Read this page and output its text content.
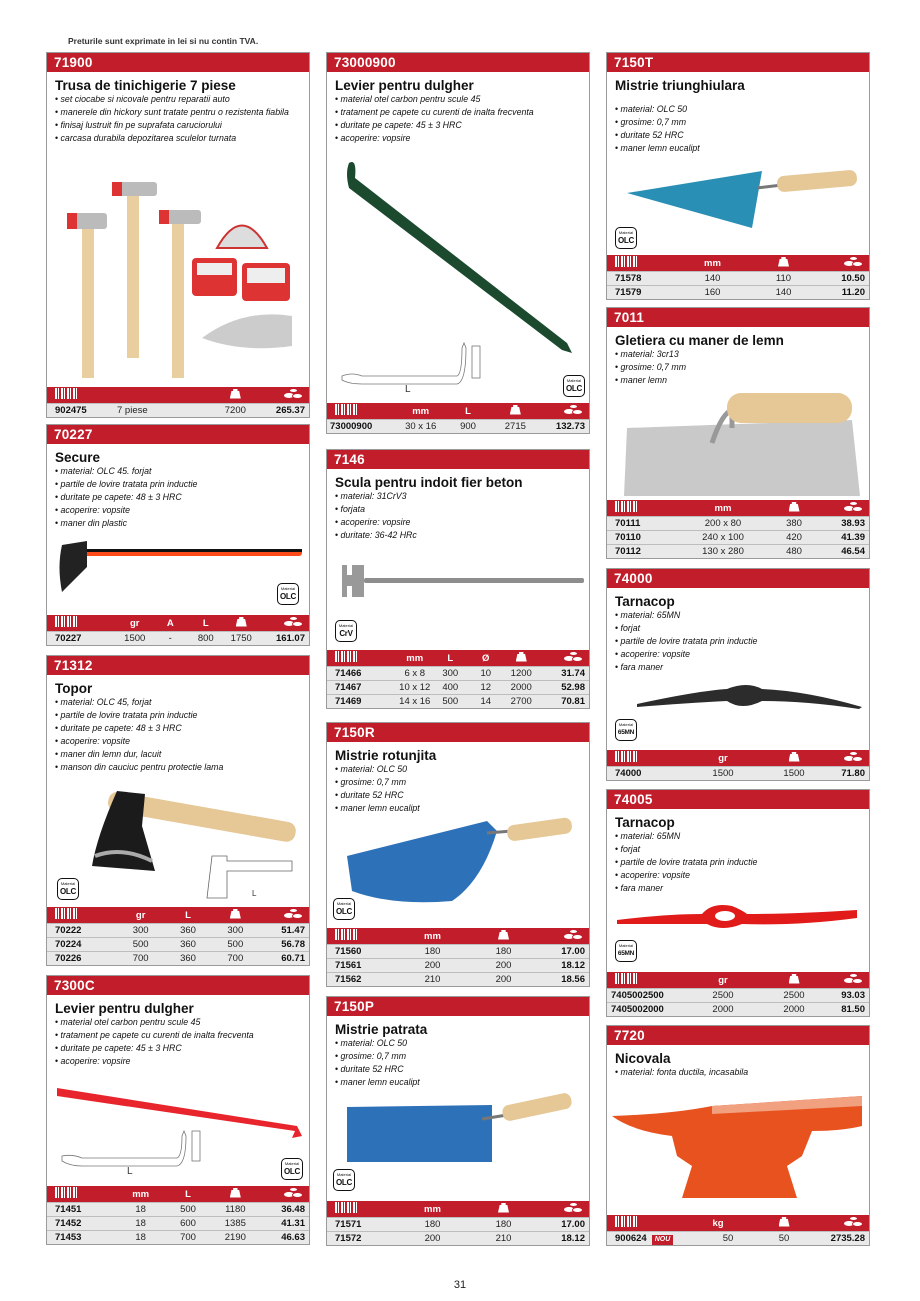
Preturile sunt exprimate in lei si nu contin TVA.
71900
Trusa de tinichigerie 7 piese
• set ciocabe si nicovale pentru reparatii auto
• manerele din hickory sunt tratate pentru o rezistenta fiabila
• finisaj lustruit fin pe suprafata caruciorului
• carcasa durabila depozitarea sculelor turnata
902475	7 piese	7200	265.37
70227
Secure
• material: OLC 45. forjat
• partile de lovire tratata prin inductie
• duritate pe capete: 48 ± 3 HRC
• acoperire: vopsite
• maner din plastic
Material
OLC
gr	A	L
70227	1500	-	800	1750	161.07
71312
Topor
• material: OLC 45, forjat
• partile de lovire tratata prin inductie
• duritate pe capete: 48 ± 3 HRC
• acoperire: vopsite
• maner din lemn dur, lacuit
• manson din cauciuc pentru protectie lama
L
Material
OLC
gr	L
70222	300	360	300	51.47
70224	500	360	500	56.78
70226	700	360	700	60.71
7300C
Levier pentru dulgher
• material otel carbon pentru scule 45
• tratament pe capete cu curenti de inalta frecventa
• duritate pe capete: 45 ± 3 HRC
• acoperire: vopsire
L
Material
OLC
mm	L
71451	18	500	1180	36.48
71452	18	600	1385	41.31
71453	18	700	2190	46.63
73000900
Levier pentru dulgher
• material otel carbon pentru scule 45
• tratament pe capete cu curenti de inalta frecventa
• duritate pe capete: 45 ± 3 HRC
• acoperire: vopsire
L
Material
OLC
mm	L
73000900	30 x 16	900	2715	132.73
7146
Scula pentru indoit fier beton
• material: 31CrV3
• forjata
• acoperire: vopsire
• duritate: 36-42 HRc
Material
CrV
mm	L	Ø
71466	6 x 8	300	10	1200	31.74
71467	10 x 12	400	12	2000	52.98
71469	14 x 16	500	14	2700	70.81
7150R
Mistrie rotunjita
• material: OLC 50
• grosime: 0,7 mm
• duritate 52 HRC
• maner lemn eucalipt
Material
OLC
mm
71560	180	180	17.00
71561	200	200	18.12
71562	210	200	18.56
7150P
Mistrie patrata
• material: OLC 50
• grosime: 0,7 mm
• duritate 52 HRC
• maner lemn eucalipt
Material
OLC
mm
71571	180	180	17.00
71572	200	210	18.12
7150T
Mistrie triunghiulara
• material: OLC 50
• grosime: 0,7 mm
• duritate 52 HRC
• maner lemn eucalipt
Material
OLC
mm
71578	140	110	10.50
71579	160	140	11.20
7011
Gletiera cu maner de lemn
• material: 3cr13
• grosime: 0,7 mm
• maner lemn
mm
70111	200 x 80	380	38.93
70110	240 x 100	420	41.39
70112	130 x 280	480	46.54
74000
Tarnacop
• material: 65MN
• forjat
• partile de lovire tratata prin inductie
• acoperire: vopsite
• fara maner
Material
65MN
gr
74000	1500	1500	71.80
74005
Tarnacop
• material: 65MN
• forjat
• partile de lovire tratata prin inductie
• acoperire: vopsite
• fara maner
Material
65MN
gr
7405002500	2500	2500	93.03
7405002000	2000	2000	81.50
7720
Nicovala
• material: fonta ductila, incasabila
kg
900624 NOU	50	50	2735.28
31
